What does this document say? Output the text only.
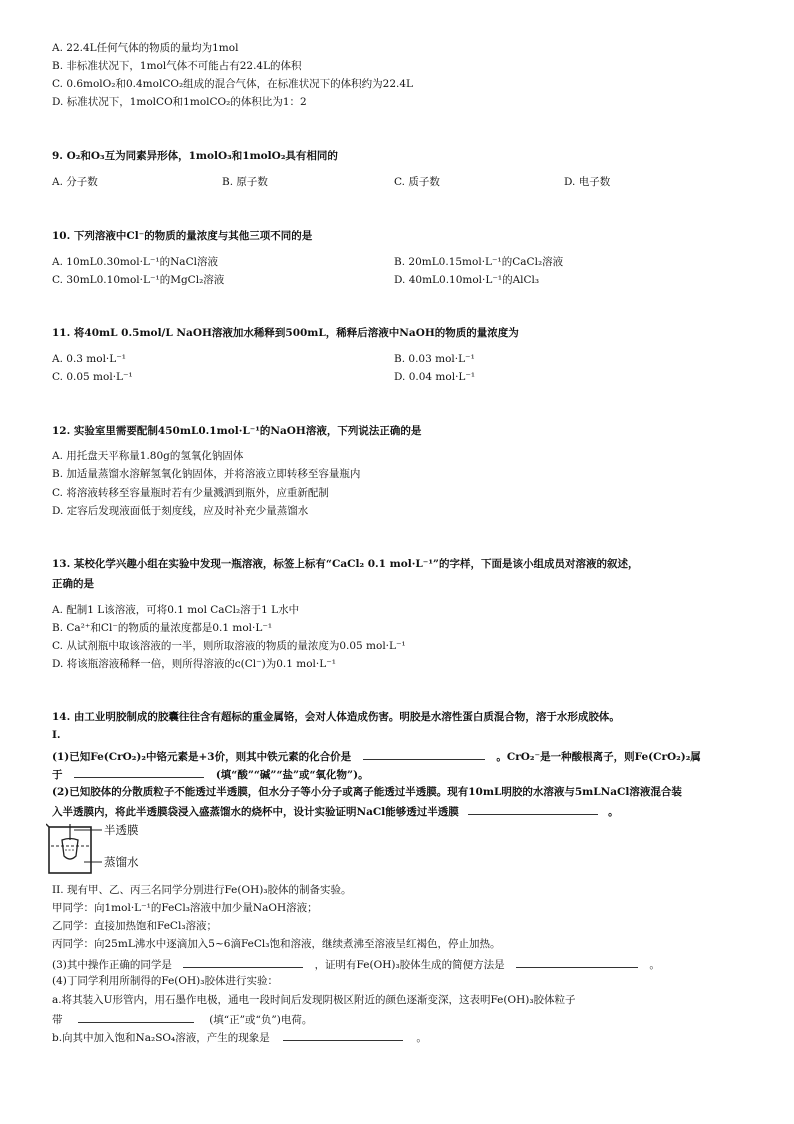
A. 22.4L任何气体的物质的量均为1mol
B. 非标准状况下，1mol气体不可能占有22.4L的体积
C. 0.6molO₂和0.4molCO₂组成的混合气体，在标准状况下的体积约为22.4L
D. 标准状况下，1molCO和1molCO₂的体积比为1：2
9. O₂和O₃互为同素异形体，1molO₃和1molO₂具有相同的
A. 分子数	B. 原子数	C. 质子数	D. 电子数
10. 下列溶液中Cl⁻的物质的量浓度与其他三项不同的是
A. 10mL0.30mol·L⁻¹的NaCl溶液	B. 20mL0.15mol·L⁻¹的CaCl₂溶液
C. 30mL0.10mol·L⁻¹的MgCl₂溶液	D. 40mL0.10mol·L⁻¹的AlCl₃
11. 将40mL 0.5mol/L NaOH溶液加水稀释到500mL，稀释后溶液中NaOH的物质的量浓度为
A. 0.3 mol·L⁻¹	B. 0.03 mol·L⁻¹
C. 0.05 mol·L⁻¹	D. 0.04 mol·L⁻¹
12. 实验室里需要配制450mL0.1mol·L⁻¹的NaOH溶液，下列说法正确的是
A. 用托盘天平称量1.80g的氢氧化钠固体
B. 加适量蒸馏水溶解氢氧化钠固体，并将溶液立即转移至容量瓶内
C. 将溶液转移至容量瓶时若有少量溅洒到瓶外，应重新配制
D. 定容后发现液面低于刻度线，应及时补充少量蒸馏水
13. 某校化学兴趣小组在实验中发现一瓶溶液，标签上标有“CaCl₂ 0.1 mol·L⁻¹”的字样，下面是该小组成员对溶液的叙述，
正确的是
A. 配制1 L该溶液，可将0.1 mol CaCl₂溶于1 L水中
B. Ca²⁺和Cl⁻的物质的量浓度都是0.1 mol·L⁻¹
C. 从试剂瓶中取该溶液的一半，则所取溶液的物质的量浓度为0.05 mol·L⁻¹
D. 将该瓶溶液稀释一倍，则所得溶液的c(Cl⁻)为0.1 mol·L⁻¹
14. 由工业明胶制成的胶囊往往含有超标的重金属铬，会对人体造成伤害。明胶是水溶性蛋白质混合物，溶于水形成胶体。
I.
(1)已知Fe(CrO₂)₂中铬元素是+3价，则其中铁元素的化合价是	。CrO₂⁻是一种酸根离子，则Fe(CrO₂)₂属
于	(填“酸”“碱”“盐”或“氧化物”)。
(2)已知胶体的分散质粒子不能透过半透膜，但水分子等小分子或离子能透过半透膜。现有10mL明胶的水溶液与5mLNaCl溶液混合装
入半透膜内，将此半透膜袋浸入盛蒸馏水的烧杯中，设计实验证明NaCl能够透过半透膜	。
半透膜
蒸馏水
II. 现有甲、乙、丙三名同学分别进行Fe(OH)₃胶体的制备实验。
甲同学：向1mol·L⁻¹的FeCl₃溶液中加少量NaOH溶液；
乙同学：直接加热饱和FeCl₃溶液；
丙同学：向25mL沸水中逐滴加入5~6滴FeCl₃饱和溶液，继续煮沸至溶液呈红褐色，停止加热。
(3)其中操作正确的同学是	，证明有Fe(OH)₃胶体生成的简便方法是	。
(4)丁同学利用所制得的Fe(OH)₃胶体进行实验：
a.将其装入U形管内，用石墨作电极，通电一段时间后发现阴极区附近的颜色逐渐变深，这表明Fe(OH)₃胶体粒子
带	(填“正”或“负”)电荷。
b.向其中加入饱和Na₂SO₄溶液，产生的现象是	。
